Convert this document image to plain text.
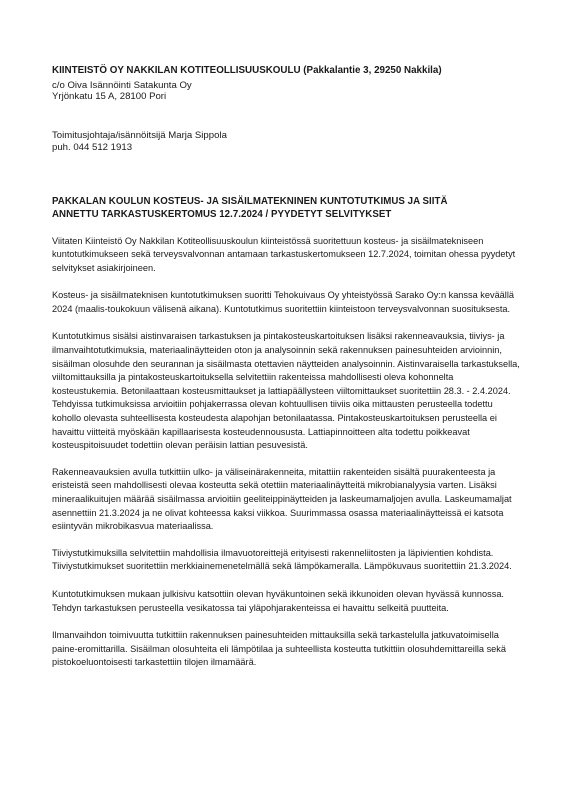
KIINTEISTÖ OY NAKKILAN KOTITEOLLISUUSKOULU (Pakkalantie 3, 29250 Nakkila)

c/o Oiva Isännöinti Satakunta Oy

Yrjönkatu 15 A, 28100 Pori

Toimitusjohtaja/isännöitsijä Marja Sippola

puh. 044 512 1913

PAKKALAN KOULUN KOSTEUS- JA SISÄILMATEKNINEN KUNTOTUTKIMUS JA SIITÄ
ANNETTU TARKASTUSKERTOMUS 12.7.2024 / PYYDETYT SELVITYKSET

Viitaten Kiinteistö Oy Nakkilan Kotiteollisuuskoulun kiinteistössä suoritettuun kosteus- ja sisäilmatekniseen kuntotutkimukseen sekä terveysvalvonnan antamaan tarkastuskertomukseen 12.7.2024, toimitan ohessa pyydetyt selvitykset asiakirjoineen.

Kosteus- ja sisäilmateknisen kuntotutkimuksen suoritti Tehokuivaus Oy yhteistyössä Sarako Oy:n kanssa keväällä 2024 (maalis-toukokuun välisenä aikana). Kuntotutkimus suoritettiin kiinteistoon terveysvalvonnan suosituksesta.

Kuntotutkimus sisälsi aistinvaraisen tarkastuksen ja pintakosteuskartoituksen lisäksi rakenneavauksia, tiiviys- ja ilmanvaihtotutkimuksia, materiaalinäytteiden oton ja analysoinnin sekä rakennuksen painesuhteiden arvioinnin, sisäilman olosuhde den seurannan ja sisäilmasta otettavien näytteiden analysoinnin. Aistinvaraisella tarkastuksella, viiltomittauksilla ja pintakosteuskartoituksella selvitettiin rakenteissa mahdollisesti oleva kohonnelta kosteustukemia. Betonilaattaan kosteusmittaukset ja lattiapäällysteen viiltomittaukset suoritettiin 28.3. - 2.4.2024. Tehdyissa tutkimuksissa arvioitiin pohjakerrassa olevan kohtuullisen tiiviis oika mittausten perusteella todettu kohollo olevasta suhteellisesta kosteudesta alapohjan betonilaatassa. Pintakosteuskartoituksen perusteella ei havaittu viitteitä myöskään kapillaarisesta kosteudennoususta. Lattiapinnoitteen alta todettu poikkeavat kosteuspitoisuudet todettiin olevan peräisin lattian pesuvesistä.

Rakenneavauksien avulla tutkittiin ulko- ja väliseinärakenneita, mitattiin rakenteiden sisältä puurakenteesta ja eristeistä seen mahdollisesti olevaa kosteutta sekä otettiin materiaalinäytteitä mikrobianalyysia varten. Lisäksi mineraalikuitujen määrää sisäilmassa arvioitiin geeliteippinäytteiden ja laskeumamaljojen avulla. Laskeumamaljat asennettiin 21.3.2024 ja ne olivat kohteessa kaksi viikkoa. Suurimmassa osassa materiaalinäytteissä ei katsota esiintyvän mikrobikasvua materiaalissa.

Tiiviystutkimuksilla selvitettiin mahdollisia ilmavuotoreittejä erityisesti rakenneliitosten ja läpivientien kohdista. Tiiviystutkimukset suoritettiin merkkiainemenetelmällä sekä lämpökameralla. Lämpökuvaus suoritettiin 21.3.2024.

Kuntotutkimuksen mukaan julkisivu katsottiin olevan hyväkuntoinen sekä ikkunoiden olevan hyvässä kunnossa. Tehdyn tarkastuksen perusteella vesikatossa tai yläpohjarakenteissa ei havaittu selkeitä puutteita.

Ilmanvaihdon toimivuutta tutkittiin rakennuksen painesuhteiden mittauksilla sekä tarkastelulla jatkuvatoimisella paine-eromittarilla. Sisäilman olosuhteita eli lämpötilaa ja suhteellista kosteutta tutkittiin olosuhdemittareilla sekä pistokoeluontoisesti tarkastettiin tilojen ilmamäärä.
